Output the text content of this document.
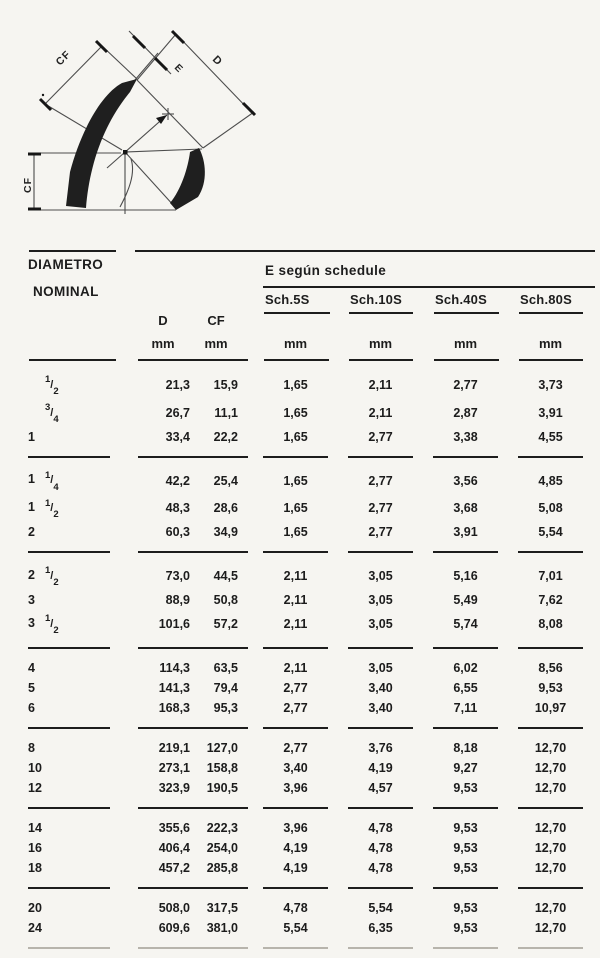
CF
E
D
CF
DIAMETRO
NOMINAL
E según schedule
Sch.5S	Sch.10S	Sch.40S	Sch.80S
D	CF
mm	mm	mm	mm	mm	mm
$^1/_2$	21,3	15,9		1,65	2,11	2,77	3,73
$^3/_4$	26,7	11,1		1,65	2,11	2,87	3,91
1	33,4	22,2		1,65	2,77	3,38	4,55

1 $^1/_4$	42,2	25,4		1,65	2,77	3,56	4,85
1 $^1/_2$	48,3	28,6		1,65	2,77	3,68	5,08
2	60,3	34,9		1,65	2,77	3,91	5,54

2 $^1/_2$	73,0	44,5		2,11	3,05	5,16	7,01
3	88,9	50,8		2,11	3,05	5,49	7,62
3 $^1/_2$	101,6	57,2		2,11	3,05	5,74	8,08

4	114,3	63,5		2,11	3,05	6,02	8,56
5	141,3	79,4		2,77	3,40	6,55	9,53
6	168,3	95,3		2,77	3,40	7,11	10,97

8	219,1	127,0		2,77	3,76	8,18	12,70
10	273,1	158,8		3,40	4,19	9,27	12,70
12	323,9	190,5		3,96	4,57	9,53	12,70

14	355,6	222,3		3,96	4,78	9,53	12,70
16	406,4	254,0		4,19	4,78	9,53	12,70
18	457,2	285,8		4,19	4,78	9,53	12,70

20	508,0	317,5		4,78	5,54	9,53	12,70
24	609,6	381,0		5,54	6,35	9,53	12,70
